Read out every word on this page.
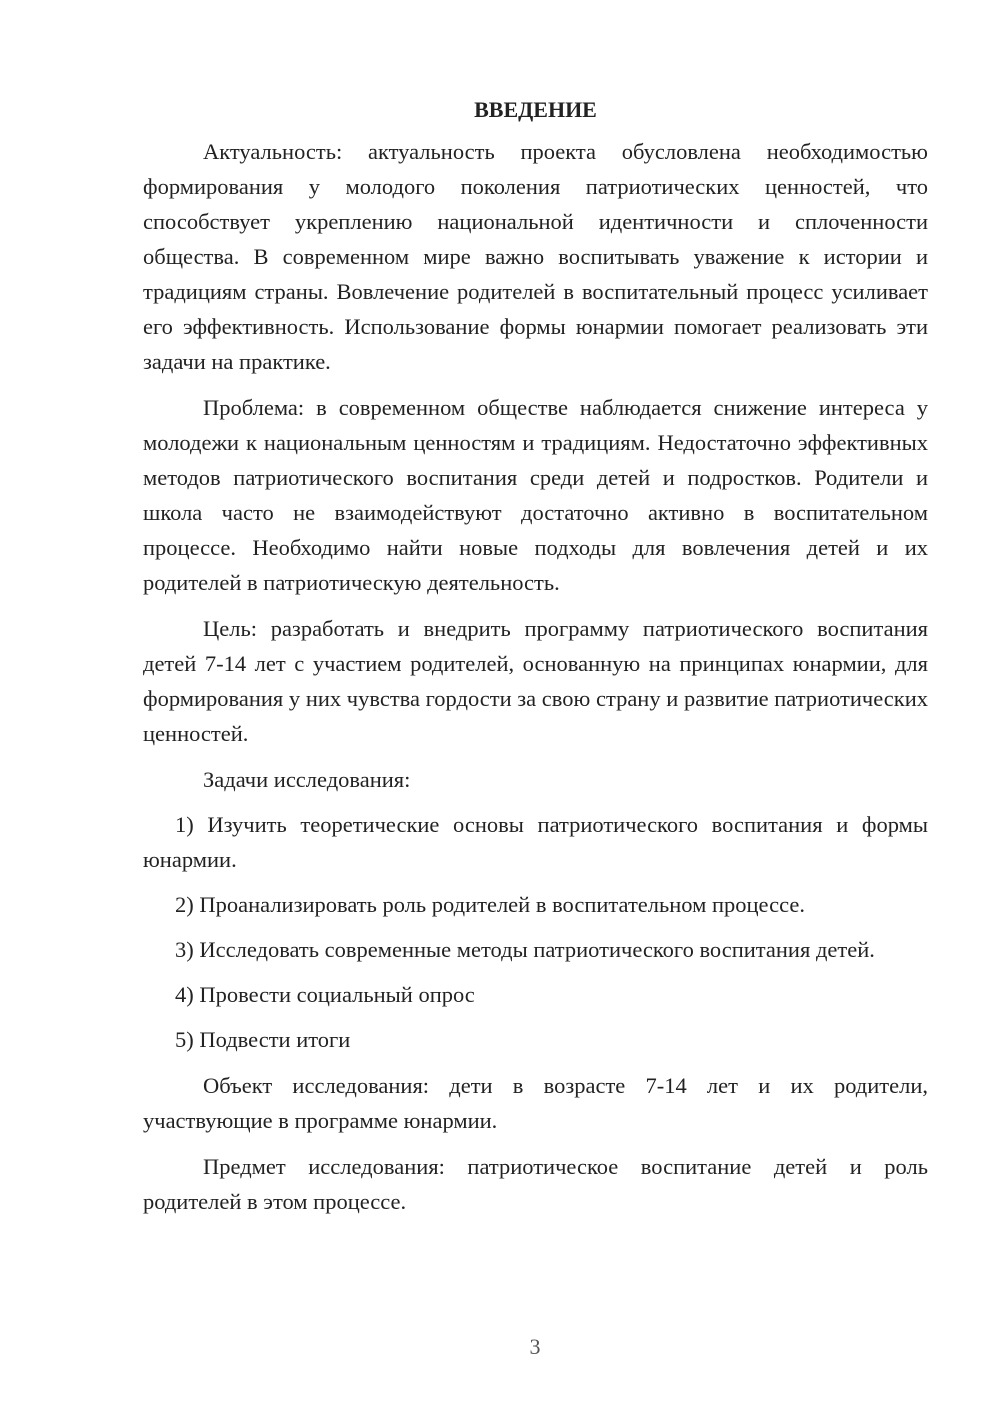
ВВЕДЕНИЕ

Актуальность: актуальность проекта обусловлена необходимостью формирования у молодого поколения патриотических ценностей, что способствует укреплению национальной идентичности и сплоченности общества. В современном мире важно воспитывать уважение к истории и традициям страны. Вовлечение родителей в воспитательный процесс усиливает его эффективность. Использование формы юнармии помогает реализовать эти задачи на практике.

Проблема: в современном обществе наблюдается снижение интереса у молодежи к национальным ценностям и традициям. Недостаточно эффективных методов патриотического воспитания среди детей и подростков. Родители и школа часто не взаимодействуют достаточно активно в воспитательном процессе. Необходимо найти новые подходы для вовлечения детей и их родителей в патриотическую деятельность.

Цель: разработать и внедрить программу патриотического воспитания детей 7-14 лет с участием родителей, основанную на принципах юнармии, для формирования у них чувства гордости за свою страну и развитие патриотических ценностей.

Задачи исследования:

1) Изучить теоретические основы патриотического воспитания и формы юнармии.

2) Проанализировать роль родителей в воспитательном процессе.

3) Исследовать современные методы патриотического воспитания детей.

4) Провести социальный опрос

5) Подвести итоги

Объект исследования: дети в возрасте 7-14 лет и их родители, участвующие в программе юнармии.

Предмет исследования: патриотическое воспитание детей и роль родителей в этом процессе.

3
